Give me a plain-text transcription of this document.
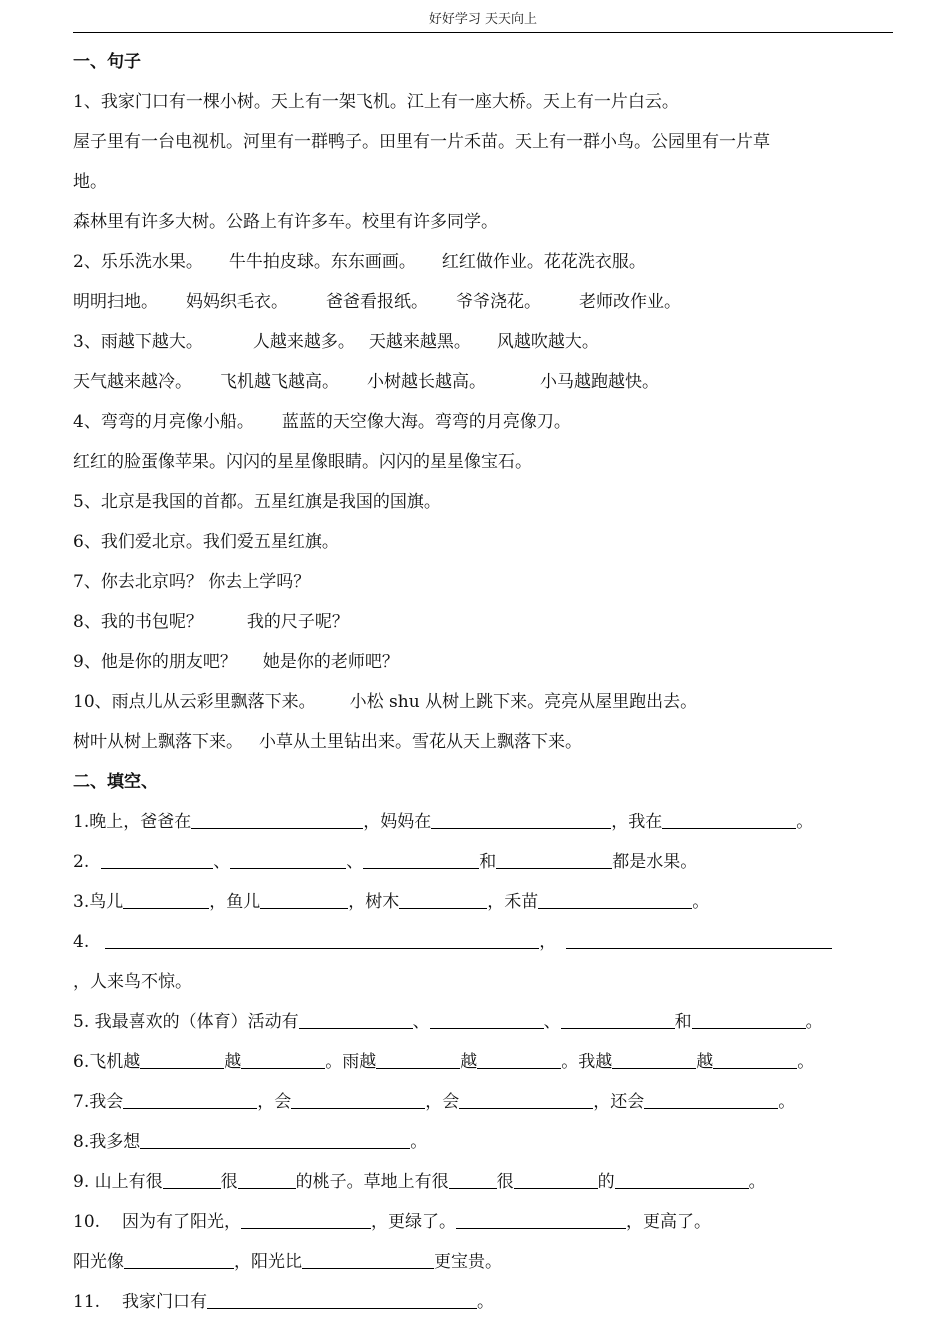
好好学习 天天向上
一、句子
1、我家门口有一棵小树。天上有一架飞机。江上有一座大桥。天上有一片白云。
屋子里有一台电视机。河里有一群鸭子。田里有一片禾苗。天上有一群小鸟。公园里有一片草
地。
森林里有许多大树。公路上有许多车。校里有许多同学。
2、乐乐洗水果。 牛牛拍皮球。东东画画。 红红做作业。花花洗衣服。
明明扫地。 妈妈织毛衣。 爸爸看报纸。 爷爷浇花。 老师改作业。
3、雨越下越大。	人越来越多。 天越来越黑。 风越吹越大。
天气越来越冷。 飞机越飞越高。 小树越长越高。	小马越跑越快。
4、弯弯的月亮像小船。 蓝蓝的天空像大海。弯弯的月亮像刀。
红红的脸蛋像苹果。闪闪的星星像眼睛。闪闪的星星像宝石。
5、北京是我国的首都。五星红旗是我国的国旗。
6、我们爱北京。我们爱五星红旗。
7、你去北京吗？ 你去上学吗？
8、我的书包呢？	我的尺子呢？
9、他是你的朋友吧？ 她是你的老师吧？
10、雨点儿从云彩里飘落下来。 小松 shu 从树上跳下来。亮亮从屋里跑出去。
树叶从树上飘落下来。 小草从土里钻出来。雪花从天上飘落下来。
二、填空、
1.晚上，爸爸在	，妈妈在	，我在	。
2.	、	、	和	都是水果。
3.鸟儿	，鱼儿	，树木	，禾苗	。
4.	，
，人来鸟不惊。
5. 我最喜欢的（体育）活动有	、	、	和	。
6.飞机越	越	。雨越	越	。我越	越	。
7.我会	，会	，会	，还会	。
8.我多想	。
9. 山上有很	很	的桃子。草地上有很	很	的	。
10. 因为有了阳光，	，更绿了。	，更高了。
阳光像	，阳光比	更宝贵。
11. 我家门口有	。
